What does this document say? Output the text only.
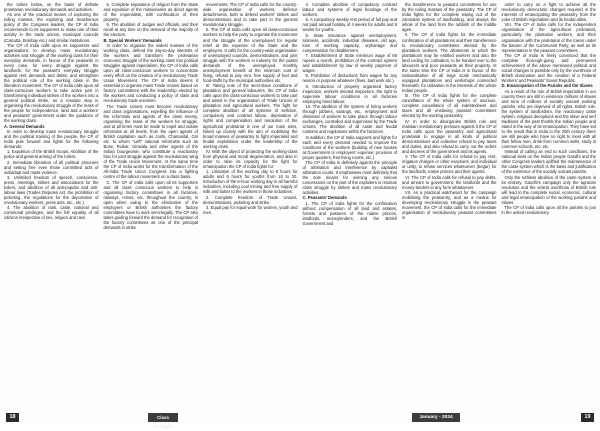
the toilers below, on the basis of definite proletarian revolutionary demands and activities.

As one of the practical means of exploring the toiling masses, the exploring and treacherous policy of the Congress leaders, the CP of India recommends to its supporters to make use of their activity in the trade unions, municipal councils (Calcutta, Bombay etc.) and similar institutions.

The CP of India calls upon its supporters and organisations to develop mass revolutionary activities and struggle of the working class for their everyday demands, in favour of the peasants in every case, for every struggle against the landlords, for the peasant's everyday struggle against rent demands and debts, and strengthen the political role of the working class in the liberation movement. The CP of India calls upon all class-conscious workers to take active part in transforming individual strikes of the workers into a general political strike, as a resolute step in organising the revolutionary struggle of the mass of the people for independence, land and a workers' and peasants' government under the guidance of the working class.

A. General Demands

In order to develop mass revolutionary struggle and the political training of the people, the CP of India puts forward and fights for the following demands:

1. Expulsion of the British troops. Abolition of the police and general arming of the toilers.

2. Immediate liberation of all political prisoners and setting free even those committed acts of individual and mass violence.

3. Unlimited freedom of speech, conscience, press, meetings, strikes and associations for the toilers, and abolition of all anti-popular and anti-labour laws (Trades Disputes Act, the prohibition of picketing, the regulations for the deportation of revolutionary workers, press acts, etc., etc.).

4. The abolition of rank, caste, national and communal privileges, and the full equality of all citizens irrespective of sex, religion and race.

5. Complete separation of religion from the State and expulsion of the missionaries as direct agents of the imperialists, with confiscation of their property.

6. The abolition of Judges and officials, and their recall at any time on the demand of the majority of the electors.

B. Special Workers' Demands

In order to organise the widest masses of the working class, defend the day-to-day interests of the workers and transform the proletarian economic struggle of the working class into political struggles against imperialism, the CP of India calls upon all class-conscious workers to concentrate every effort on the creation of a revolutionary Trade Union Movement. The CP of India deems it essential to organise mass Trade Unions based on factory committees with the leadership elected by the workers and conducting a policy of class and revolutionary trade unionism.

The Trade Unions must become revolutionary and class organisations, expelling the influence of the reformists and agents of the class enemy, organising the mass of the workers for struggle, and at all times must be made to expel and isolate reformists at all levels, from the open agents of British capitalism such as Joshi, Chamanlal, Giri etc. to whom "Left" national reformists such as Bose, Ruikar, Ginwala and other agents of the Indian bourgeoisie, who constitute a reactionary bloc for joint struggle against the revolutionary wing of the Trade Union Movement. At the same time the CP of India works for the transformation of the All-India Trade Union Congress into a fighting centre of the labour movement on a class basis.

C. The CP of India calls upon all its supporters and all class conscious workers to help in organising factory committees in all factories, railways, mines, etc. throughout the country, in open when owing to the elimination of the employers or British authorities the factory committees have to work semi-legally. The CP also takes guiding forward the demand for recognition of the factory committees as one of the principal demands in strike

movements. The CP of India calls for the country-wide organisation of workers, defence detachments, both to defend workers' strikes and demonstrations and to take part in the general revolutionary struggle.

II. The CP of India calls upon all class-conscious workers to help the party to organise the movement and the struggle of the unemployed for regular relief at the expense of the State and the employers. It calls for the country-wide organisation of unemployed councils, demonstrations, and joint struggle with the workers in industry for the partial demands of the unemployed monthly unemployment benefit at the minimum cost of living, refusal to pay rent, free supply of fuel and food-stuffs by the municipal authorities etc.

III. Taking note of the semi-slave conditions of plantation and general labourers, the CP of India calls upon the class-conscious workers to take part and assist in the organisation of Trade Unions of plantation and agricultural workers. The fight for complete abolition of all systems of serfdom, compulsory and contract labour, deprivation of rights and compensation and resolution of the agricultural proletariat is one of our main aims, linked up closely with the aim of mobilising the broad masses of peasantry to fight imperialist and feudal exploitation under the leadership of the working class.

IV. With the object of protecting the working-class from physical and moral degeneration, and also in order to raise its capacity for the fight for emancipation the CP of India fights for:

1. Limitation of the working day to 8 hours for adults and 6 hours for youths from 16 to 20. Introduction of the 6-hour working day in all harmful industries, including coal mining and free supply of milk and butter to the workers in those industries.

2. Complete freedom of Trade Unions, demonstrations, picketing and strike.

3. Equal pay for equal work for women, youth and men.

4. Complete abolition of compulsory contract labour and systems of legal bondage of the workers.

5. A compulsory weekly rest period of full pay and not paid annual holiday of 4 weeks for adults and 6 weeks for youths.

6. State insurance against unemployment, sickness, accidents, industrial diseases, old age, loss of working capacity, orphanage and compensation for disablement.

7. Establishment of State minimum wage of 60 rupees a month, prohibition of the contract system and establishment by law of weekly payment of wages.

8. Prohibition of deductions from wages for any reason or purpose whatever (fines, bad work etc.).

9. Introduction of properly organised factory inspection, workers elected inspectors, the right to supervise labour conditions in all factories employing hired labour.

10. The abolition of the system of hiring workers through jobbers, sarangs, etc., employment and dismissal of workers to take place through labour exchanges, controlled and supervised by the Trade Unions. The abolition of all caste and feudal customs and regulations within the factories.

In addition, the CP of India supports and fights for each and every demand needed to improve the conditions of the workers (building of new houses at Government or employers' expense; provision of proper quarters, free living rooms, etc.).

The CP of India is definitely against the principle of arbitration and interference by capitalist arbitration courts. It emphasises most definitely that the sole means for winning any serious concessions on the part of the exploiters is resolute class struggle by strikes and mass revolutionary activities.

C. Peasants' Demands

1. The CP of India fights for the confiscation without compensation of all land and estates, forests and pastures of the native princes, landlords, moneylenders, and the British Government and

the transference to peasant committees for use by the toiling masses of the peasantry. The CP of India fights for the complete wiping out of the zamindari system of landholding, and always the whole of the land from the rubbish of the middle ages.

II. The CP of India fights for the immediate confiscation of all plantations and their transference to revolutionary committees elected by the plantation workers. The allotments to which the plantations may be entitled workers and also the land ceding for cultivation, to be handed over to the labourers and poor peasants as their property. At the same time the CP of India is in favour of the nationalisation of all large scale mechanically equipped plantations and workshops connected therewith, for utilisation in the interests of the whole Indian people.

III. The CP of India fights for the complete cancellation of the whole system of usurious, complete cancellation of all indebtedness and taxes and all enslaving peasant committees elected by the working peasantry.

IV. In order to disorganise British rule and maintain revolutionary pressure against it the CP of India calls upon the peasantry and agricultural proletariat to engage in all kinds of political demonstrations and collective refusal to pay taxes and duties, and also refusal to carry out the orders and decrees of the government and its agents.

V. The CP of India calls for refusal to pay rent, irrigation charges or other exactions, and individual or unity, to refuse services whatsoever (begar) for the landlords, native princes and their agents.

VI. The CP of India calls for refusal to pay debts, and arrears to government, the landlords and the money-lenders in any form whatsoever.

VII. As a practical watchword for the campaign mobilising the peasantry, and as a means for developing revolutionary struggle in the peasant movement, the CP of India calls for the immediate organisation of revolutionary peasant committees in

order to carry on a fight to achieve all the revolutionary democratic changes required in the interests of emancipating the peasantry from the yoke of British imperialism and its feudal allies.

VIII. The CP of India calls for the independent organisation of the agricultural proletariat, particularly the plantation workers, and their organisation with the proletariat of the towns under the banner of the Communist Party, as well as its representation in the peasant committees.

The CP of India is firmly convinced that the complete thorough-going and permanent achievement of the above mentioned political and social changes is possible only by the overthrow of British domination and the creation of a Federal Workers' and Peasants' Soviet Republic.

D. Emancipation of the Pariahs and the Slaves

As a result of the rule of British imperialism in our country there are still in existence millions of slaves and tens of millions of socially outcast working pariahs, who are deprived of all rights. British rule, the system of landlordism, the reactionary caste system, religious deceptions and the slave and serf traditions of the past throttle the Indian people and stand in the way of its emancipation. They have led to the result that in India in the 20th century there are still people who have no right to meet with all their fellow men, drink from common wells, study in common schools, etc. etc.

Instead of calling an end to such conditions, the national slant on the Indian people Gandhi and the other Congress leaders uplifted the maintenance of the caste system which is the basis and justification of the existence of the socially outcast pariahs.

Only the ruthless abolition of the caste system in its entirety. Gandhi's campaign only the agrarian revolution and the violent overthrow of British rule will lead to the complete social, economic, cultural and legal emancipation of the working pariahs and slaves.

The CP of India calls upon all the pariahs to join in the united revolutionary

18	Class Struggle
January - 2024	19
